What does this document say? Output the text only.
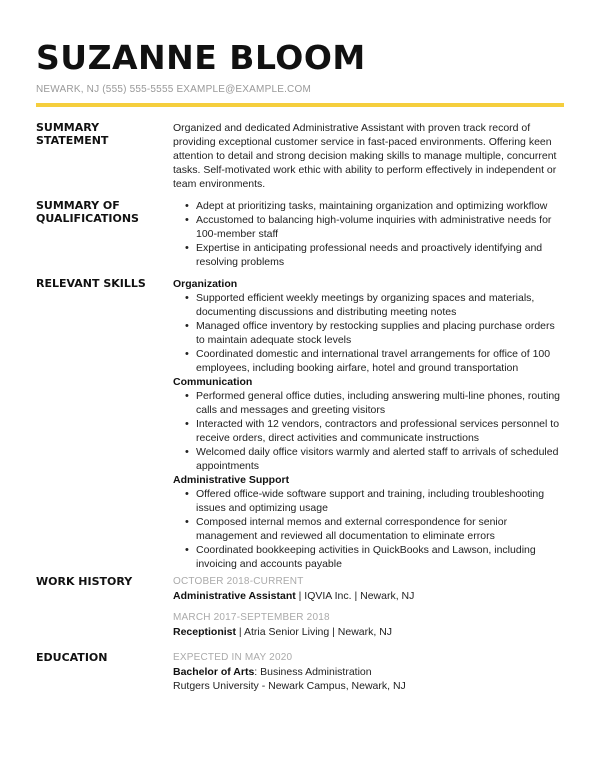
SUZANNE BLOOM
NEWARK, NJ (555) 555-5555 EXAMPLE@EXAMPLE.COM
SUMMARY STATEMENT

Organized and dedicated Administrative Assistant with proven track record of providing exceptional customer service in fast-paced environments. Offering keen attention to detail and strong decision making skills to manage multiple, concurrent tasks. Self-motivated work ethic with ability to perform effectively in independent or team environments.

SUMMARY OF QUALIFICATIONS
• Adept at prioritizing tasks, maintaining organization and optimizing workflow
• Accustomed to balancing high-volume inquiries with administrative needs for 100-member staff
• Expertise in anticipating professional needs and proactively identifying and resolving problems
RELEVANT SKILLS	Organization

• Supported efficient weekly meetings by organizing spaces and materials, documenting discussions and distributing meeting notes
• Managed office inventory by restocking supplies and placing purchase orders to maintain adequate stock levels
• Coordinated domestic and international travel arrangements for office of 100 employees, including booking airfare, hotel and ground transportation

Communication

• Performed general office duties, including answering multi-line phones, routing calls and messages and greeting visitors
• Interacted with 12 vendors, contractors and professional services personnel to receive orders, direct activities and communicate instructions
• Welcomed daily office visitors warmly and alerted staff to arrivals of scheduled appointments

Administrative Support

• Offered office-wide software support and training, including troubleshooting issues and optimizing usage
• Composed internal memos and external correspondence for senior management and reviewed all documentation to eliminate errors
• Coordinated bookkeeping activities in QuickBooks and Lawson, including invoicing and accounts payable
WORK HISTORY	OCTOBER 2018-CURRENT

Administrative Assistant | IQVIA Inc. | Newark, NJ

MARCH 2017-SEPTEMBER 2018

Receptionist | Atria Senior Living | Newark, NJ

EDUCATION	EXPECTED IN MAY 2020

Bachelor of Arts: Business Administration

Rutgers University - Newark Campus, Newark, NJ
